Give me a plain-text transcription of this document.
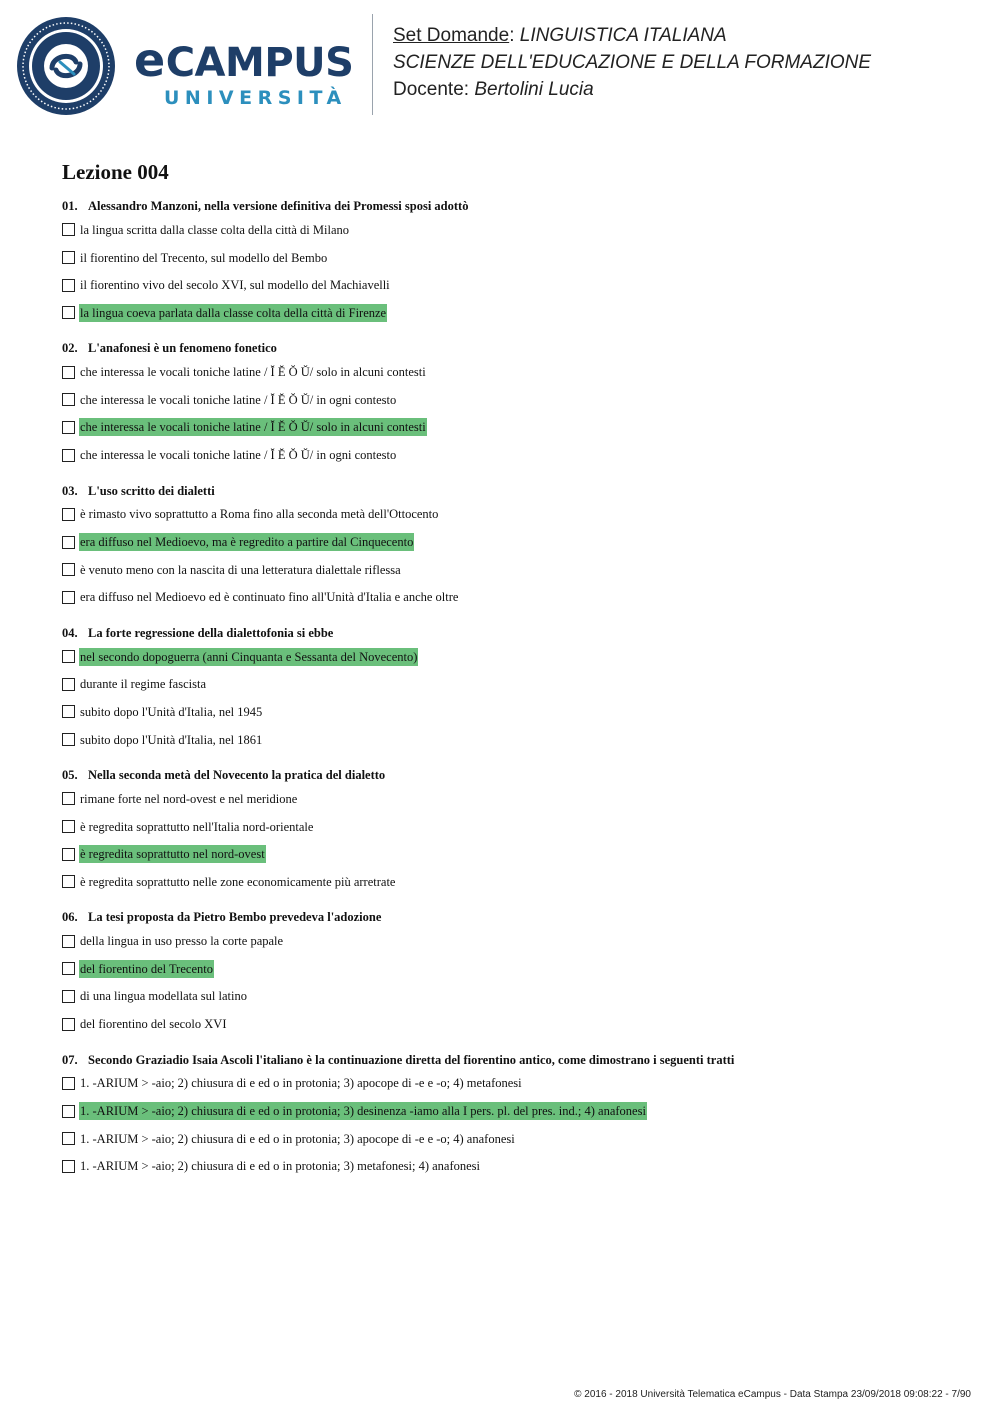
eCAMPUS
UNIVERSITÀ
Set Domande: LINGUISTICA ITALIANA
SCIENZE DELL'EDUCAZIONE E DELLA FORMAZIONE
Docente: Bertolini Lucia
Lezione 004
01. Alessandro Manzoni, nella versione definitiva dei Promessi sposi adottò
la lingua scritta dalla classe colta della città di Milano
il fiorentino del Trecento, sul modello del Bembo
il fiorentino vivo del secolo XVI, sul modello del Machiavelli
la lingua coeva parlata dalla classe colta della città di Firenze
02. L'anafonesi è un fenomeno fonetico
che interessa le vocali toniche latine / Ĭ Ĕ Ŏ Ŭ/ solo in alcuni contesti
che interessa le vocali toniche latine / Ĭ Ĕ Ŏ Ŭ/ in ogni contesto
che interessa le vocali toniche latine / Ĭ Ĕ Ŏ Ŭ/ solo in alcuni contesti
che interessa le vocali toniche latine / Ĭ Ĕ Ŏ Ŭ/ in ogni contesto
03. L'uso scritto dei dialetti
è rimasto vivo soprattutto a Roma fino alla seconda metà dell'Ottocento
era diffuso nel Medioevo, ma è regredito a partire dal Cinquecento
è venuto meno con la nascita di una letteratura dialettale riflessa
era diffuso nel Medioevo ed è continuato fino all'Unità d'Italia e anche oltre
04. La forte regressione della dialettofonia si ebbe
nel secondo dopoguerra (anni Cinquanta e Sessanta del Novecento)
durante il regime fascista
subito dopo l'Unità d'Italia, nel 1945
subito dopo l'Unità d'Italia, nel 1861
05. Nella seconda metà del Novecento la pratica del dialetto
rimane forte nel nord-ovest e nel meridione
è regredita soprattutto nell'Italia nord-orientale
è regredita soprattutto nel nord-ovest
è regredita soprattutto nelle zone economicamente più arretrate
06. La tesi proposta da Pietro Bembo prevedeva l'adozione
della lingua in uso presso la corte papale
del fiorentino del Trecento
di una lingua modellata sul latino
del fiorentino del secolo XVI
07. Secondo Graziadio Isaia Ascoli l'italiano è la continuazione diretta del fiorentino antico, come dimostrano i seguenti tratti
1. -ARIUM > -aio; 2) chiusura di e ed o in protonia; 3) apocope di -e e -o; 4) metafonesi
1. -ARIUM > -aio; 2) chiusura di e ed o in protonia; 3) desinenza -iamo alla I pers. pl. del pres. ind.; 4) anafonesi
1. -ARIUM > -aio; 2) chiusura di e ed o in protonia; 3) apocope di -e e -o; 4) anafonesi
1. -ARIUM > -aio; 2) chiusura di e ed o in protonia; 3) metafonesi; 4) anafonesi
© 2016 - 2018 Università Telematica eCampus - Data Stampa 23/09/2018 09:08:22 - 7/90
